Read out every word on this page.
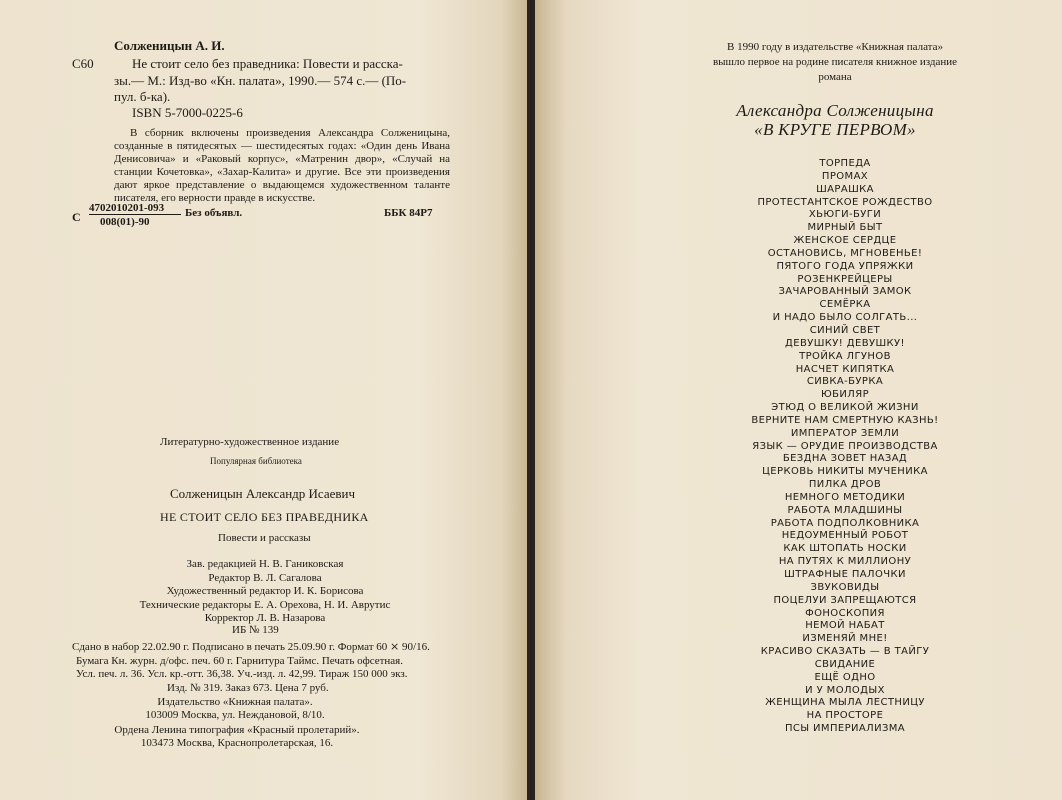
Солженицын А. И.
С60	Не стоит село без праведника: Повести и расска-
зы.— М.: Изд-во «Кн. палата», 1990.— 574 с.— (По-
пул. б-ка).
ISBN 5-7000-0225-6
В сборник включены произведения Александра Солженицына, созданные в пятидесятых — шестидесятых годах: «Один день Ивана Денисовича» и «Раковый корпус», «Матренин двор», «Случай на станции Кочетовка», «Захар-Калита» и другие. Все эти произведения дают яркое представление о выдающемся художественном таланте писателя, его верности правде в искусстве.
С
4702010201-093
008(01)-90
Без объявл.	ББК 84Р7
Литературно-художественное издание
Популярная библиотека
Солженицын Александр Исаевич
НЕ СТОИТ СЕЛО БЕЗ ПРАВЕДНИКА
Повести и рассказы
Зав. редакцией Н. В. Ганиковская
Редактор В. Л. Сагалова
Художественный редактор И. К. Борисова
Технические редакторы Е. А. Орехова, Н. И. Аврутис
Корректор Л. В. Назарова
ИБ № 139
Сдано в набор 22.02.90 г. Подписано в печать 25.09.90 г. Формат 60 ⨯ 90/16.
Бумага Кн. журн. д/офс. печ. 60 г. Гарнитура Таймс. Печать офсетная.
Усл. печ. л. 36. Усл. кр.-отт. 36,38. Уч.-изд. л. 42,99. Тираж 150 000 экз.
Изд. № 319. Заказ 673. Цена 7 руб.
Издательство «Книжная палата».
103009 Москва, ул. Неждановой, 8/10.
Ордена Ленина типография «Красный пролетарий».
103473 Москва, Краснопролетарская, 16.
В 1990 году в издательстве «Книжная палата»
вышло первое на родине писателя книжное издание
романа
Александра Солженицына
«В КРУГЕ ПЕРВОМ»
ТОРПЕДА
ПРОМАХ
ШАРАШКА
ПРОТЕСТАНТСКОЕ РОЖДЕСТВО
ХЬЮГИ-БУГИ
МИРНЫЙ БЫТ
ЖЕНСКОЕ СЕРДЦЕ
ОСТАНОВИСЬ, МГНОВЕНЬЕ!
ПЯТОГО ГОДА УПРЯЖКИ
РОЗЕНКРЕЙЦЕРЫ
ЗАЧАРОВАННЫЙ ЗАМОК
СЕМЁРКА
И НАДО БЫЛО СОЛГАТЬ...
СИНИЙ СВЕТ
ДЕВУШКУ! ДЕВУШКУ!
ТРОЙКА ЛГУНОВ
НАСЧЕТ КИПЯТКА
СИВКА-БУРКА
ЮБИЛЯР
ЭТЮД О ВЕЛИКОЙ ЖИЗНИ
ВЕРНИТЕ НАМ СМЕРТНУЮ КАЗНЬ!
ИМПЕРАТОР ЗЕМЛИ
ЯЗЫК — ОРУДИЕ ПРОИЗВОДСТВА
БЕЗДНА ЗОВЕТ НАЗАД
ЦЕРКОВЬ НИКИТЫ МУЧЕНИКА
ПИЛКА ДРОВ
НЕМНОГО МЕТОДИКИ
РАБОТА МЛАДШИНЫ
РАБОТА ПОДПОЛКОВНИКА
НЕДОУМЕННЫЙ РОБОТ
КАК ШТОПАТЬ НОСКИ
НА ПУТЯХ К МИЛЛИОНУ
ШТРАФНЫЕ ПАЛОЧКИ
ЗВУКОВИДЫ
ПОЦЕЛУИ ЗАПРЕЩАЮТСЯ
ФОНОСКОПИЯ
НЕМОЙ НАБАТ
ИЗМЕНЯЙ МНЕ!
КРАСИВО СКАЗАТЬ — В ТАЙГУ
СВИДАНИЕ
ЕЩЁ ОДНО
И У МОЛОДЫХ
ЖЕНЩИНА МЫЛА ЛЕСТНИЦУ
НА ПРОСТОРЕ
ПСЫ ИМПЕРИАЛИЗМА
